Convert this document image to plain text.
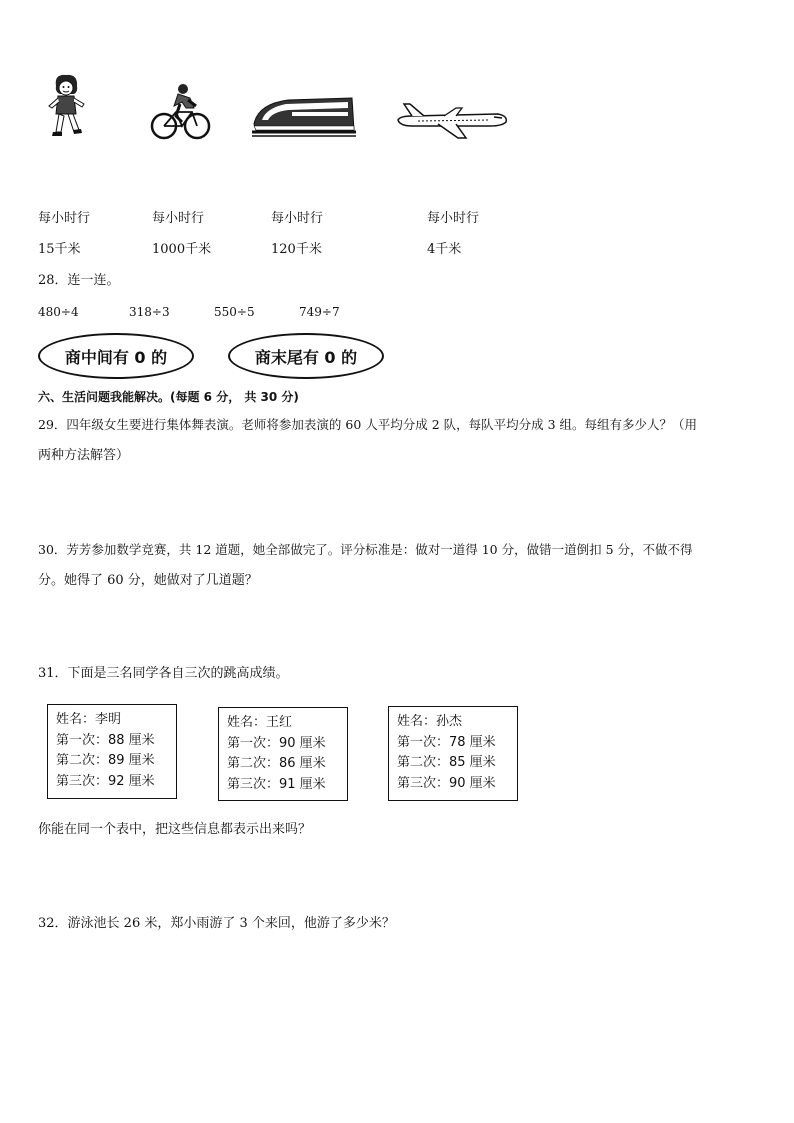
每小时行	每小时行	每小时行	每小时行
15千米	1000千米	120千米	4千米
28．连一连。
480÷4	318÷3	550÷5	749÷7
商中间有 0 的	商末尾有 0 的
六、生活问题我能解决。(每题 6 分， 共 30 分)
29．四年级女生要进行集体舞表演。老师将参加表演的 60 人平均分成 2 队，每队平均分成 3 组。每组有多少人？（用
两种方法解答）
30．芳芳参加数学竞赛，共 12 道题，她全部做完了。评分标准是：做对一道得 10 分，做错一道倒扣 5 分，不做不得
分。她得了 60 分，她做对了几道题？
31．下面是三名同学各自三次的跳高成绩。
姓名：李明
第一次：88 厘米
第二次：89 厘米
第三次：92 厘米
姓名：王红
第一次：90 厘米
第二次：86 厘米
第三次：91 厘米
姓名：孙杰
第一次：78 厘米
第二次：85 厘米
第三次：90 厘米
你能在同一个表中，把这些信息都表示出来吗？
32．游泳池长 26 米，郑小雨游了 3 个来回，他游了多少米？
